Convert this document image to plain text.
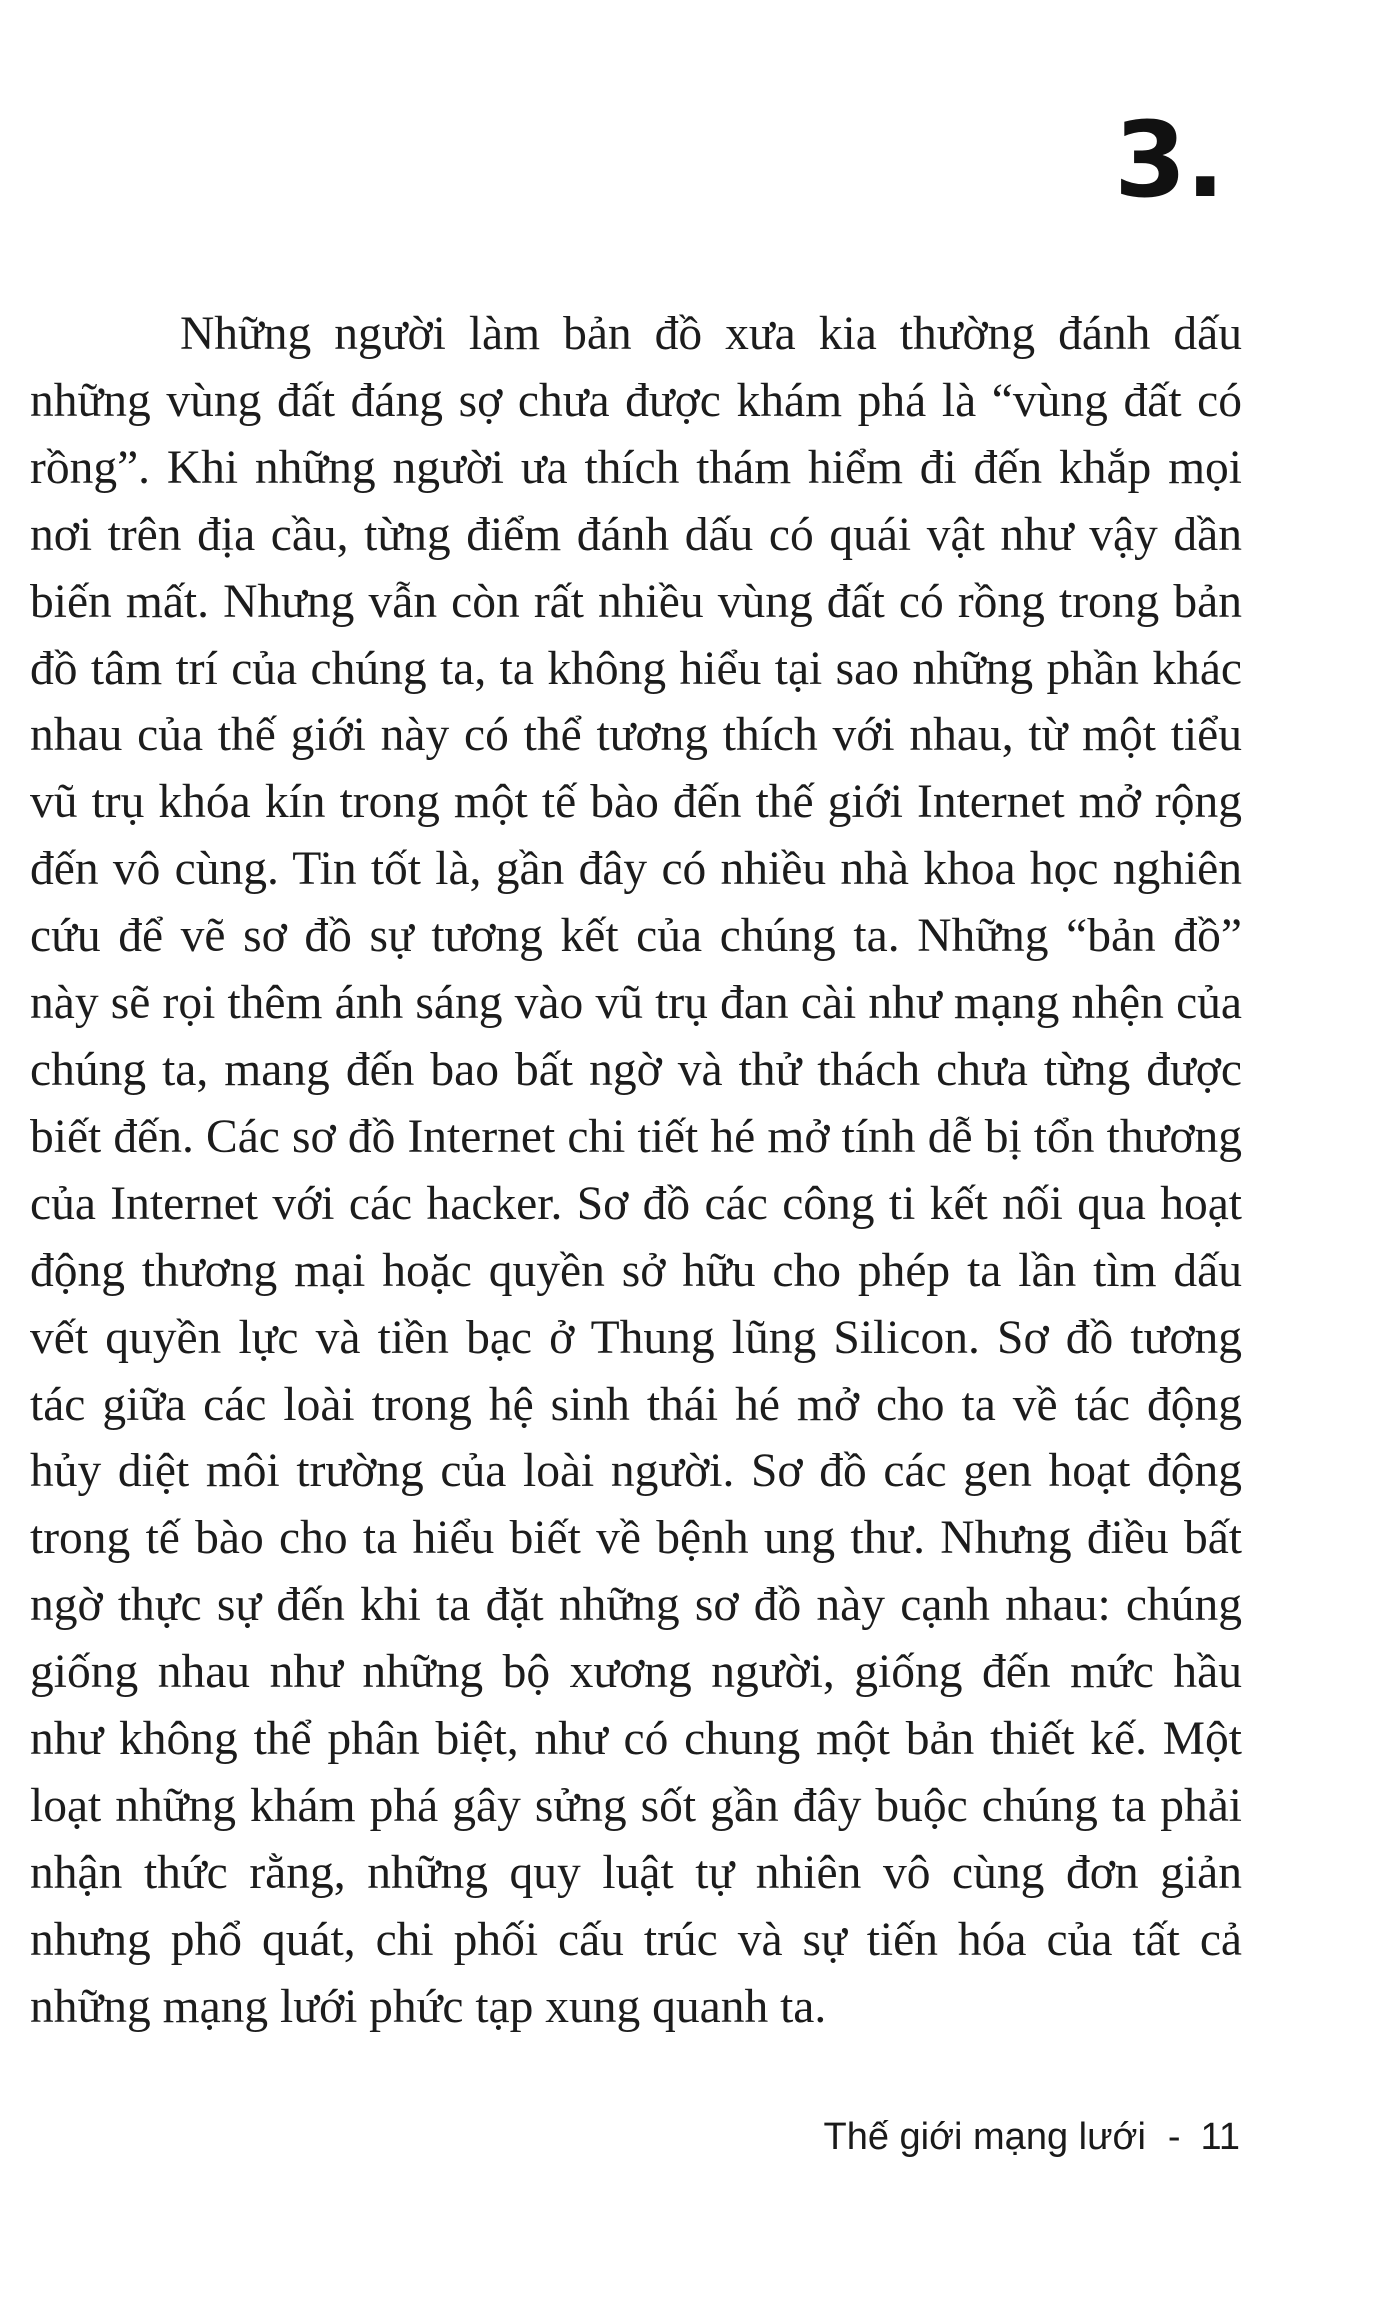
3.

Những người làm bản đồ xưa kia thường đánh dấu những vùng đất đáng sợ chưa được khám phá là “vùng đất có rồng”. Khi những người ưa thích thám hiểm đi đến khắp mọi nơi trên địa cầu, từng điểm đánh dấu có quái vật như vậy dần biến mất. Nhưng vẫn còn rất nhiều vùng đất có rồng trong bản đồ tâm trí của chúng ta, ta không hiểu tại sao những phần khác nhau của thế giới này có thể tương thích với nhau, từ một tiểu vũ trụ khóa kín trong một tế bào đến thế giới Internet mở rộng đến vô cùng. Tin tốt là, gần đây có nhiều nhà khoa học nghiên cứu để vẽ sơ đồ sự tương kết của chúng ta. Những “bản đồ” này sẽ rọi thêm ánh sáng vào vũ trụ đan cài như mạng nhện của chúng ta, mang đến bao bất ngờ và thử thách chưa từng được biết đến. Các sơ đồ Internet chi tiết hé mở tính dễ bị tổn thương của Internet với các hacker. Sơ đồ các công ti kết nối qua hoạt động thương mại hoặc quyền sở hữu cho phép ta lần tìm dấu vết quyền lực và tiền bạc ở Thung lũng Silicon. Sơ đồ tương tác giữa các loài trong hệ sinh thái hé mở cho ta về tác động hủy diệt môi trường của loài người. Sơ đồ các gen hoạt động trong tế bào cho ta hiểu biết về bệnh ung thư. Nhưng điều bất ngờ thực sự đến khi ta đặt những sơ đồ này cạnh nhau: chúng giống nhau như những bộ xương người, giống đến mức hầu như không thể phân biệt, như có chung một bản thiết kế. Một loạt những khám phá gây sửng sốt gần đây buộc chúng ta phải nhận thức rằng, những quy luật tự nhiên vô cùng đơn giản nhưng phổ quát, chi phối cấu trúc và sự tiến hóa của tất cả những mạng lưới phức tạp xung quanh ta.

Thế giới mạng lưới - 11
